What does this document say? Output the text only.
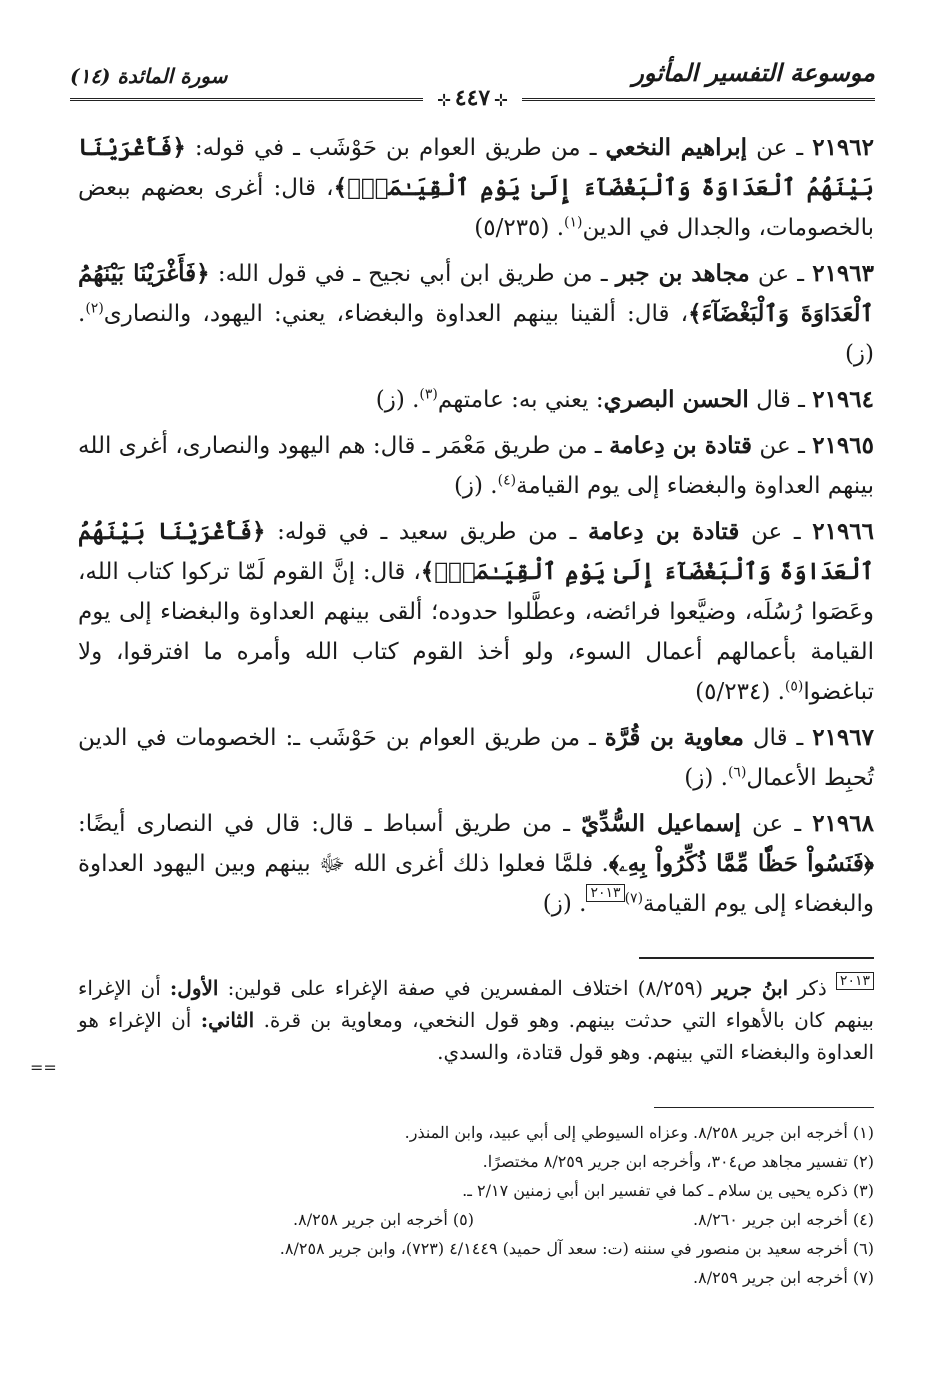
موسوعة التفسير المأثور
سورة المائدة (١٤)
⊹٤٤٧⊹

٢١٩٦٢ ـ عن إبراهيم النخعي ـ من طريق العوام بن حَوْشَب ـ في قوله: ﴿فَأَغْرَيْنَا بَيْنَهُمُ ٱلْعَدَاوَةَ وَٱلْبَغْضَآءَ إِلَىٰ يَوْمِ ٱلْقِيَـٰمَةِۚ﴾، قال: أغرى بعضهم ببعض بالخصومات، والجدال في الدين$^{(١)}$. (٥/٢٣٥)

٢١٩٦٣ ـ عن مجاهد بن جبر ـ من طريق ابن أبي نجيح ـ في قول الله: ﴿فَأَغْرَيْنَا بَيْنَهُمُ ٱلْعَدَاوَةَ وَٱلْبَغْضَآءَ﴾، قال: ألقينا بينهم العداوة والبغضاء، يعني: اليهود، والنصارى$^{(٢)}$. (ز)

٢١٩٦٤ ـ قال الحسن البصري: يعني به: عامتهم$^{(٣)}$. (ز)

٢١٩٦٥ ـ عن قتادة بن دِعامة ـ من طريق مَعْمَر ـ قال: هم اليهود والنصارى، أغرى الله بينهم العداوة والبغضاء إلى يوم القيامة$^{(٤)}$. (ز)

٢١٩٦٦ ـ عن قتادة بن دِعامة ـ من طريق سعيد ـ في قوله: ﴿فَأَغْرَيْنَا بَيْنَهُمُ ٱلْعَدَاوَةَ وَٱلْبَغْضَآءَ إِلَىٰ يَوْمِ ٱلْقِيَـٰمَةِۚ﴾، قال: إنَّ القوم لَمّا تركوا كتاب الله، وعَصَوا رُسُلَه، وضيَّعوا فرائضه، وعطَّلوا حدوده؛ ألقى بينهم العداوة والبغضاء إلى يوم القيامة بأعمالهم أعمال السوء، ولو أخذ القوم كتاب الله وأمره ما افترقوا، ولا تباغضوا$^{(٥)}$. (٥/٢٣٤)

٢١٩٦٧ ـ قال معاوية بن قُرَّة ـ من طريق العوام بن حَوْشَب ـ: الخصومات في الدين تُحبِط الأعمال$^{(٦)}$. (ز)

٢١٩٦٨ ـ عن إسماعيل السُّدِّيّ ـ من طريق أسباط ـ قال: قال في النصارى أيضًا: ﴿فَنَسُواْ حَظّٗا مِّمَّا ذُكِّرُواْ بِهِۦ﴾. فلمَّا فعلوا ذلك أغرى الله ﷻ بينهم وبين اليهود العداوة والبغضاء إلى يوم القيامة$^{(٧)}$٢٠١٣. (ز)

٢٠١٣ ذكر ابنُ جرير (٨/٢٥٩) اختلاف المفسرين في صفة الإغراء على قولين: الأول: أن الإغراء بينهم كان بالأهواء التي حدثت بينهم. وهو قول النخعي، ومعاوية بن قرة. الثاني: أن الإغراء هو العداوة والبغضاء التي بينهم. وهو قول قتادة، والسدي.

==
(١) أخرجه ابن جرير ٨/٢٥٨. وعزاه السيوطي إلى أبي عبيد، وابن المنذر.
(٢) تفسير مجاهد ص٣٠٤، وأخرجه ابن جرير ٨/٢٥٩ مختصرًا.
(٣) ذكره يحيى ين سلام ـ كما في تفسير ابن أبي زمنين ٢/١٧ ـ.
(٤) أخرجه ابن جرير ٨/٢٦٠.
(٥) أخرجه ابن جرير ٨/٢٥٨.
(٦) أخرجه سعيد بن منصور في سننه (ت: سعد آل حميد) ٤/١٤٤٩ (٧٢٣)، وابن جرير ٨/٢٥٨.
(٧) أخرجه ابن جرير ٨/٢٥٩.
